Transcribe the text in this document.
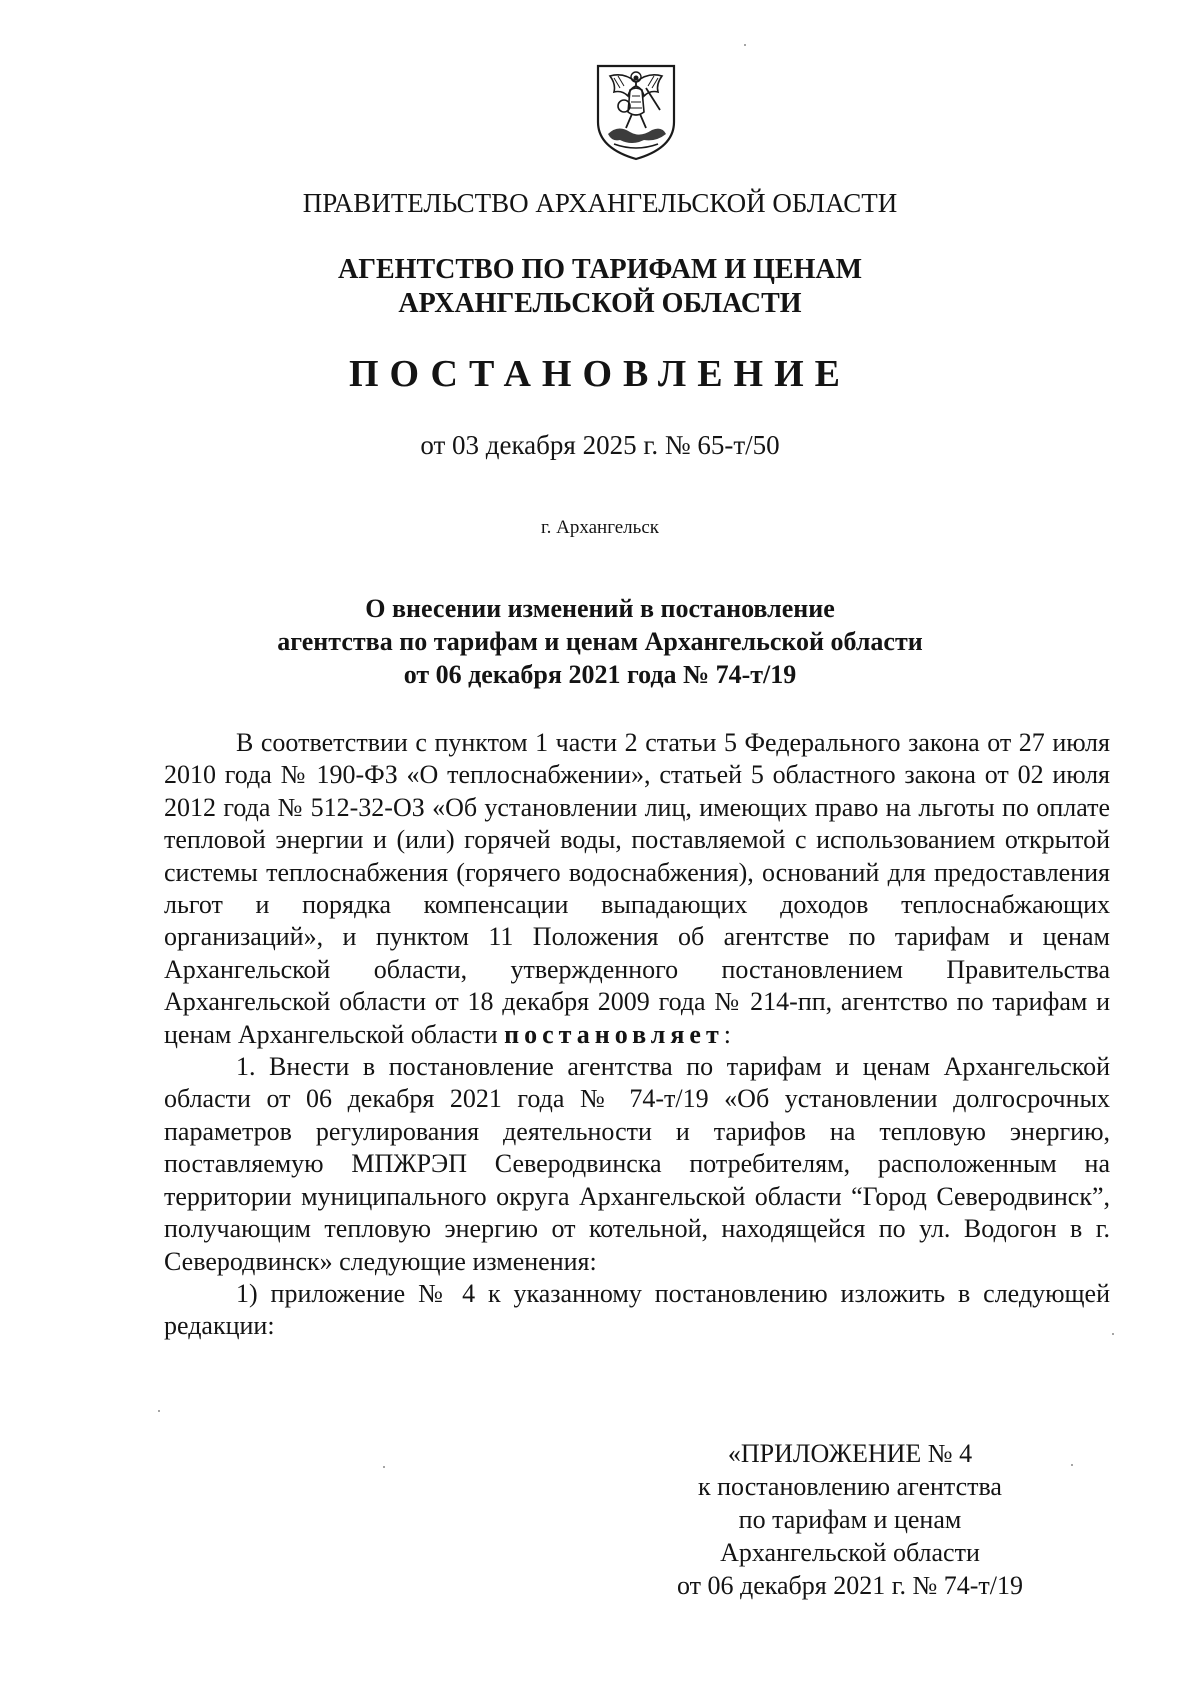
ПРАВИТЕЛЬСТВО АРХАНГЕЛЬСКОЙ ОБЛАСТИ
АГЕНТСТВО ПО ТАРИФАМ И ЦЕНАМ
АРХАНГЕЛЬСКОЙ ОБЛАСТИ
ПОСТАНОВЛЕНИЕ
от 03 декабря 2025 г. № 65-т/50
г. Архангельск
О внесении изменений в постановление
агентства по тарифам и ценам Архангельской области
от 06 декабря 2021 года № 74-т/19

В соответствии с пунктом 1 части 2 статьи 5 Федерального закона от 27 июля 2010 года № 190-ФЗ «О теплоснабжении», статьей 5 областного закона от 02 июля 2012 года № 512-32-ОЗ «Об установлении лиц, имеющих право на льготы по оплате тепловой энергии и (или) горячей воды, поставляемой с использованием открытой системы теплоснабжения (горячего водоснабжения), оснований для предоставления льгот и порядка компенсации выпадающих доходов теплоснабжающих организаций», и пунктом 11 Положения об агентстве по тарифам и ценам Архангельской области, утвержденного постановлением Правительства Архангельской области от 18 декабря 2009 года № 214-пп, агентство по тарифам и ценам Архангельской области постановляет:

1. Внести в постановление агентства по тарифам и ценам Архангельской области от 06 декабря 2021 года № 74-т/19 «Об установлении долгосрочных параметров регулирования деятельности и тарифов на тепловую энергию, поставляемую МПЖРЭП Северодвинска потребителям, расположенным на территории муниципального округа Архангельской области “Город Северодвинск”, получающим тепловую энергию от котельной, находящейся по ул. Водогон в г. Северодвинск» следующие изменения:

1) приложение № 4 к указанному постановлению изложить в следующей редакции:

«ПРИЛОЖЕНИЕ № 4
к постановлению агентства
по тарифам и ценам
Архангельской области
от 06 декабря 2021 г. № 74-т/19
